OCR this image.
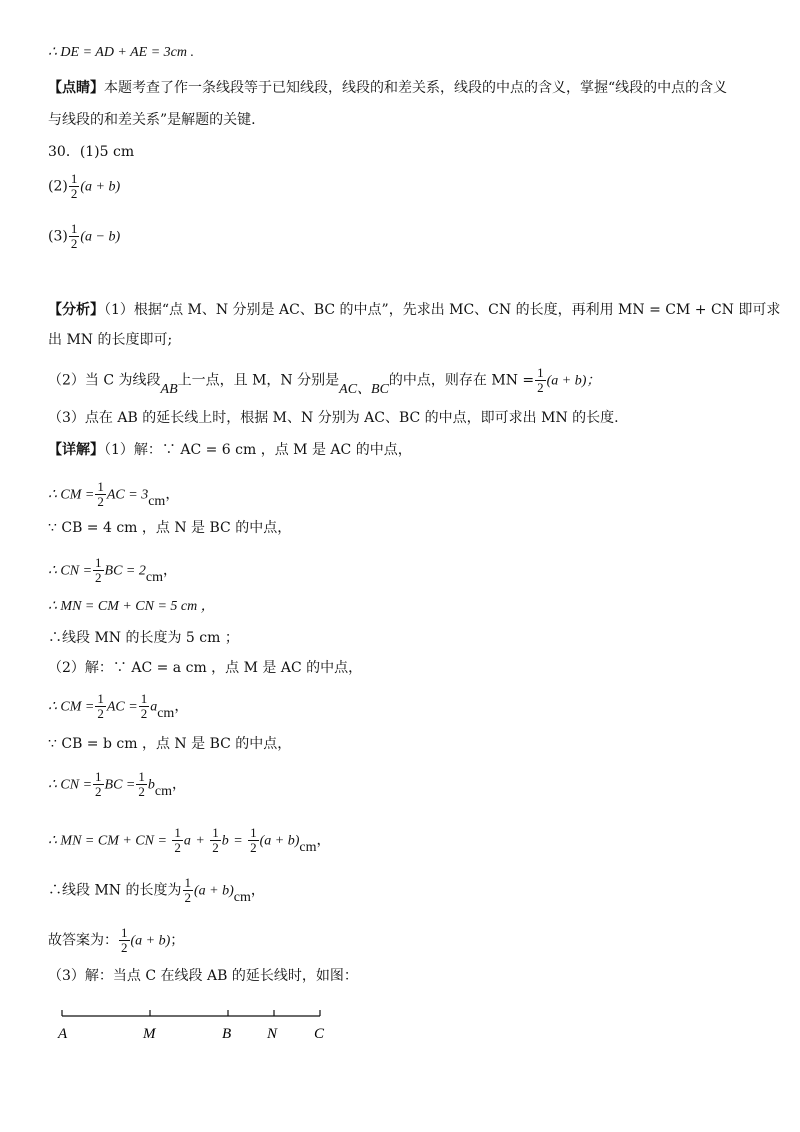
∴ DE = AD + AE = 3cm .
【点睛】本题考查了作一条线段等于已知线段，线段的和差关系，线段的中点的含义，掌握“线段的中点的含义
与线段的和差关系”是解题的关键.
30．(1)5 cm
$(2) \frac{1}{2} (a + b)$
$(3) \frac{1}{2} (a - b)$
【分析】（1）根据“点 M、N 分别是 AC、BC 的中点”，先求出 MC、CN 的长度，再利用 MN = CM + CN 即可求
出 MN 的长度即可;
（2）当 C 为线段AB上一点，且 M，N 分别是AC、BC的中点，则存在 MN = $\frac{1}{2} (a + b)$；
（3）点在 AB 的延长线上时，根据 M、N 分别为 AC、BC 的中点，即可求出 MN 的长度.
【详解】（1）解：∵ AC = 6 cm ，点 M 是 AC 的中点，
∴ CM = $\frac{1}{2}$ AC = 3cm，
∵ CB = 4 cm ，点 N 是 BC 的中点，
∴ CN = $\frac{1}{2}$ BC = 2cm，
∴ MN = CM + CN = 5 cm ，
∴线段 MN 的长度为 5 cm ；
（2）解：∵ AC = a cm ，点 M 是 AC 的中点，
∴ CM = $\frac{1}{2}$ AC = $\frac{1}{2}$ acm，
∵ CB = b cm ，点 N 是 BC 的中点，
∴ CN = $\frac{1}{2}$ BC = $\frac{1}{2}$ bcm，
∴ MN = CM + CN = $\frac{1}{2}$ $a + \frac{1}{2}$ $b = \frac{1}{2} (a + b)cm$，
∴线段 MN 的长度为 $\frac{1}{2} (a + b)cm$，
故答案为： $\frac{1}{2} (a + b)$；
（3）解：当点 C 在线段 AB 的延长线时，如图：
A	M	B N C
